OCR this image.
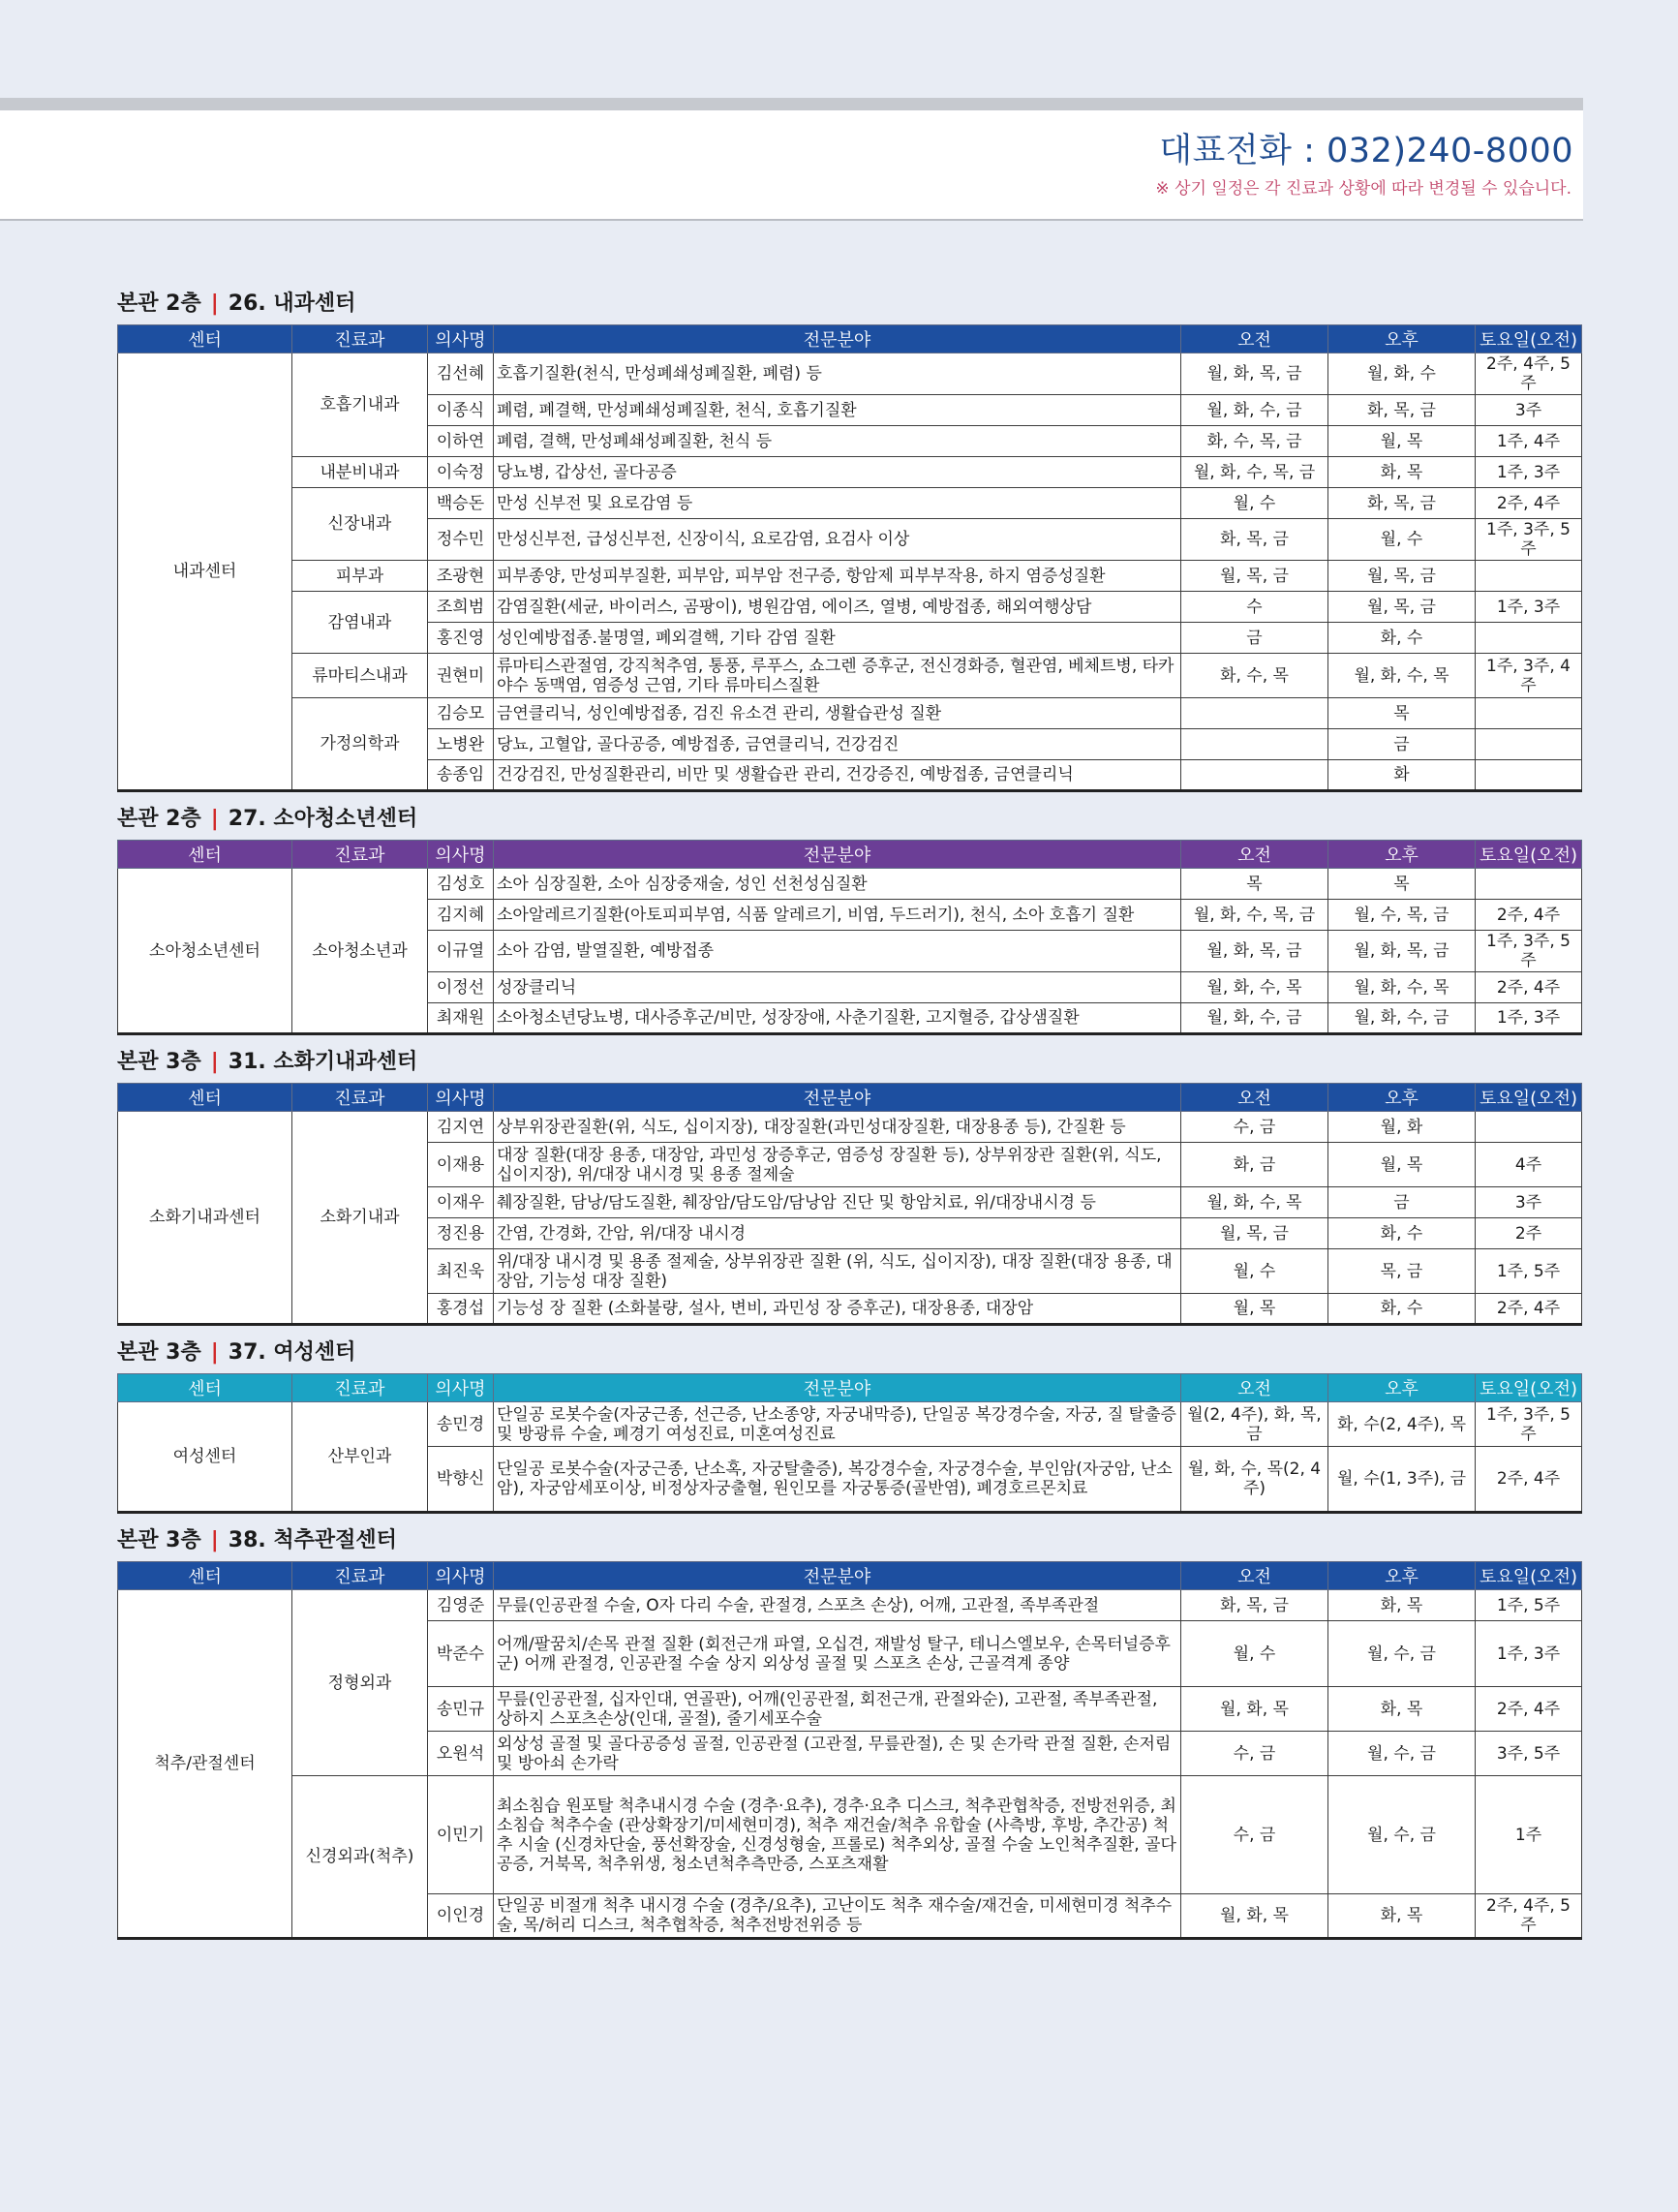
대표전화 : 032)240-8000
※ 상기 일정은 각 진료과 상황에 따라 변경될 수 있습니다.
본관 2층 | 26. 내과센터
센터	진료과	의사명	전문분야	오전	오후	토요일(오전)
내과센터	호흡기내과	김선혜	호흡기질환(천식, 만성폐쇄성폐질환, 폐렴) 등	월, 화, 목, 금	월, 화, 수	2주, 4주, 5주
		이종식	폐렴, 폐결핵, 만성폐쇄성폐질환, 천식, 호흡기질환	월, 화, 수, 금	화, 목, 금	3주
		이하연	폐렴, 결핵, 만성폐쇄성폐질환, 천식 등	화, 수, 목, 금	월, 목	1주, 4주
	내분비내과	이숙정	당뇨병, 갑상선, 골다공증	월, 화, 수, 목, 금	화, 목	1주, 3주
	신장내과	백승돈	만성 신부전 및 요로감염 등	월, 수	화, 목, 금	2주, 4주
		정수민	만성신부전, 급성신부전, 신장이식, 요로감염, 요검사 이상	화, 목, 금	월, 수	1주, 3주, 5주
	피부과	조광현	피부종양, 만성피부질환, 피부암, 피부암 전구증, 항암제 피부부작용, 하지 염증성질환	월, 목, 금	월, 목, 금	
	감염내과	조희범	감염질환(세균, 바이러스, 곰팡이), 병원감염, 에이즈, 열병, 예방접종, 해외여행상담	수	월, 목, 금	1주, 3주
		홍진영	성인예방접종.불명열, 폐외결핵, 기타 감염 질환	금	화, 수	
	류마티스내과	권현미	류마티스관절염, 강직척추염, 통풍, 루푸스, 쇼그렌 증후군, 전신경화증, 혈관염, 베체트병, 타카야수 동맥염, 염증성 근염, 기타 류마티스질환	화, 수, 목	월, 화, 수, 목	1주, 3주, 4주
	가정의학과	김승모	금연클리닉, 성인예방접종, 검진 유소견 관리, 생활습관성 질환		목	
		노병완	당뇨, 고혈압, 골다공증, 예방접종, 금연클리닉, 건강검진		금	
		송종임	건강검진, 만성질환관리, 비만 및 생활습관 관리, 건강증진, 예방접종, 금연클리닉		화	
본관 2층 | 27. 소아청소년센터
센터	진료과	의사명	전문분야	오전	오후	토요일(오전)
소아청소년센터	소아청소년과	김성호	소아 심장질환, 소아 심장중재술, 성인 선천성심질환	목	목	
		김지혜	소아알레르기질환(아토피피부염, 식품 알레르기, 비염, 두드러기), 천식, 소아 호흡기 질환	월, 화, 수, 목, 금	월, 수, 목, 금	2주, 4주
		이규열	소아 감염, 발열질환, 예방접종	월, 화, 목, 금	월, 화, 목, 금	1주, 3주, 5주
		이정선	성장클리닉	월, 화, 수, 목	월, 화, 수, 목	2주, 4주
		최재원	소아청소년당뇨병, 대사증후군/비만, 성장장애, 사춘기질환, 고지혈증, 갑상샘질환	월, 화, 수, 금	월, 화, 수, 금	1주, 3주
본관 3층 | 31. 소화기내과센터
센터	진료과	의사명	전문분야	오전	오후	토요일(오전)
소화기내과센터	소화기내과	김지연	상부위장관질환(위, 식도, 십이지장), 대장질환(과민성대장질환, 대장용종 등), 간질환 등	수, 금	월, 화	
		이재용	대장 질환(대장 용종, 대장암, 과민성 장증후군, 염증성 장질환 등), 상부위장관 질환(위, 식도, 십이지장), 위/대장 내시경 및 용종 절제술	화, 금	월, 목	4주
		이재우	췌장질환, 담낭/담도질환, 췌장암/담도암/담낭암 진단 및 항암치료, 위/대장내시경 등	월, 화, 수, 목	금	3주
		정진용	간염, 간경화, 간암, 위/대장 내시경	월, 목, 금	화, 수	2주
		최진욱	위/대장 내시경 및 용종 절제술, 상부위장관 질환 (위, 식도, 십이지장), 대장 질환(대장 용종, 대장암, 기능성 대장 질환)	월, 수	목, 금	1주, 5주
		홍경섭	기능성 장 질환 (소화불량, 설사, 변비, 과민성 장 증후군), 대장용종, 대장암	월, 목	화, 수	2주, 4주
본관 3층 | 37. 여성센터
센터	진료과	의사명	전문분야	오전	오후	토요일(오전)
여성센터	산부인과	송민경	단일공 로봇수술(자궁근종, 선근증, 난소종양, 자궁내막증), 단일공 복강경수술, 자궁, 질 탈출증 및 방광류 수술, 폐경기 여성진료, 미혼여성진료	월(2, 4주), 화, 목, 금	화, 수(2, 4주), 목	1주, 3주, 5주
		박향신	단일공 로봇수술(자궁근종, 난소혹, 자궁탈출증), 복강경수술, 자궁경수술, 부인암(자궁암, 난소암), 자궁암세포이상, 비정상자궁출혈, 원인모를 자궁통증(골반염), 폐경호르몬치료	월, 화, 수, 목(2, 4주)	월, 수(1, 3주), 금	2주, 4주
본관 3층 | 38. 척추관절센터
센터	진료과	의사명	전문분야	오전	오후	토요일(오전)
척추/관절센터	정형외과	김영준	무릎(인공관절 수술, O자 다리 수술, 관절경, 스포츠 손상), 어깨, 고관절, 족부족관절	화, 목, 금	화, 목	1주, 5주
		박준수	어깨/팔꿈치/손목 관절 질환 (회전근개 파열, 오십견, 재발성 탈구, 테니스엘보우, 손목터널증후군) 어깨 관절경, 인공관절 수술 상지 외상성 골절 및 스포츠 손상, 근골격계 종양	월, 수	월, 수, 금	1주, 3주
		송민규	무릎(인공관절, 십자인대, 연골판), 어깨(인공관절, 회전근개, 관절와순), 고관절, 족부족관절, 상하지 스포츠손상(인대, 골절), 줄기세포수술	월, 화, 목	화, 목	2주, 4주
		오원석	외상성 골절 및 골다공증성 골절, 인공관절 (고관절, 무릎관절), 손 및 손가락 관절 질환, 손저림 및 방아쇠 손가락	수, 금	월, 수, 금	3주, 5주
	신경외과(척추)	이민기	최소침습 원포탈 척추내시경 수술 (경추·요추), 경추·요추 디스크, 척추관협착증, 전방전위증, 최소침습 척추수술 (관상확장기/미세현미경), 척추 재건술/척추 유합술 (사측방, 후방, 추간공) 척추 시술 (신경차단술, 풍선확장술, 신경성형술, 프롤로) 척추외상, 골절 수술 노인척추질환, 골다공증, 거북목, 척추위생, 청소년척추측만증, 스포츠재활	수, 금	월, 수, 금	1주
		이인경	단일공 비절개 척추 내시경 수술 (경추/요추), 고난이도 척추 재수술/재건술, 미세현미경 척추수술, 목/허리 디스크, 척추협착증, 척추전방전위증 등	월, 화, 목	화, 목	2주, 4주, 5주
